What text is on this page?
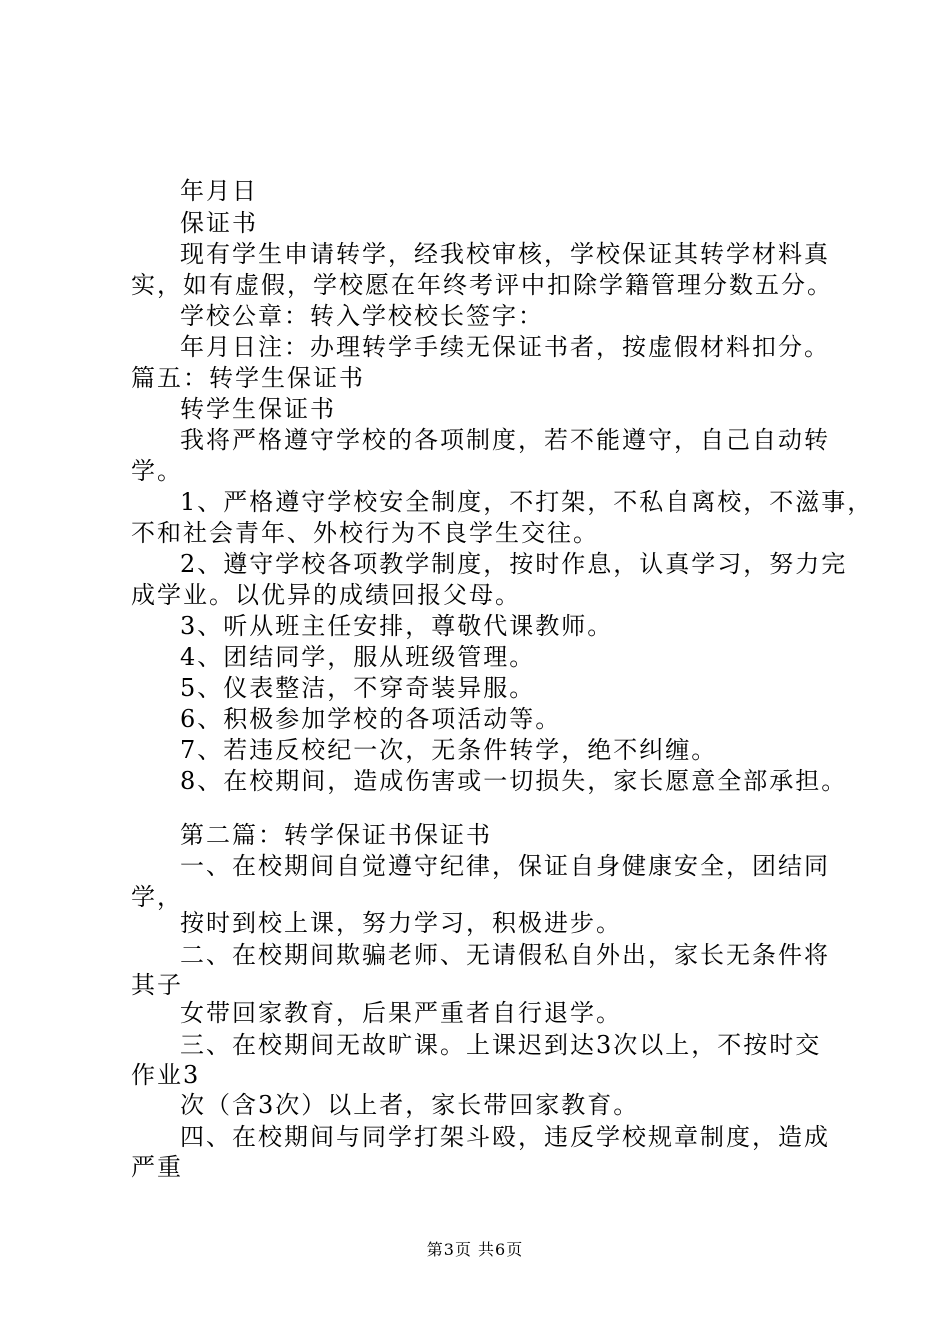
年月日
保证书
现有学生申请转学，经我校审核，学校保证其转学材料真
实，如有虚假，学校愿在年终考评中扣除学籍管理分数五分。
学校公章：转入学校校长签字：
年月日注：办理转学手续无保证书者，按虚假材料扣分。
篇五：转学生保证书
转学生保证书
我将严格遵守学校的各项制度，若不能遵守，自己自动转
学。
1、严格遵守学校安全制度，不打架，不私自离校，不滋事，
不和社会青年、外校行为不良学生交往。
2、遵守学校各项教学制度，按时作息，认真学习，努力完
成学业。以优异的成绩回报父母。
3、听从班主任安排，尊敬代课教师。
4、团结同学，服从班级管理。
5、仪表整洁，不穿奇装异服。
6、积极参加学校的各项活动等。
7、若违反校纪一次，无条件转学，绝不纠缠。
8、在校期间，造成伤害或一切损失，家长愿意全部承担。
第二篇：转学保证书保证书
一、在校期间自觉遵守纪律，保证自身健康安全，团结同
学，
按时到校上课，努力学习，积极进步。
二、在校期间欺骗老师、无请假私自外出，家长无条件将
其子
女带回家教育，后果严重者自行退学。
三、在校期间无故旷课。上课迟到达3次以上，不按时交
作业3
次（含3次）以上者，家长带回家教育。
四、在校期间与同学打架斗殴，违反学校规章制度，造成
严重
第3页 共6页
